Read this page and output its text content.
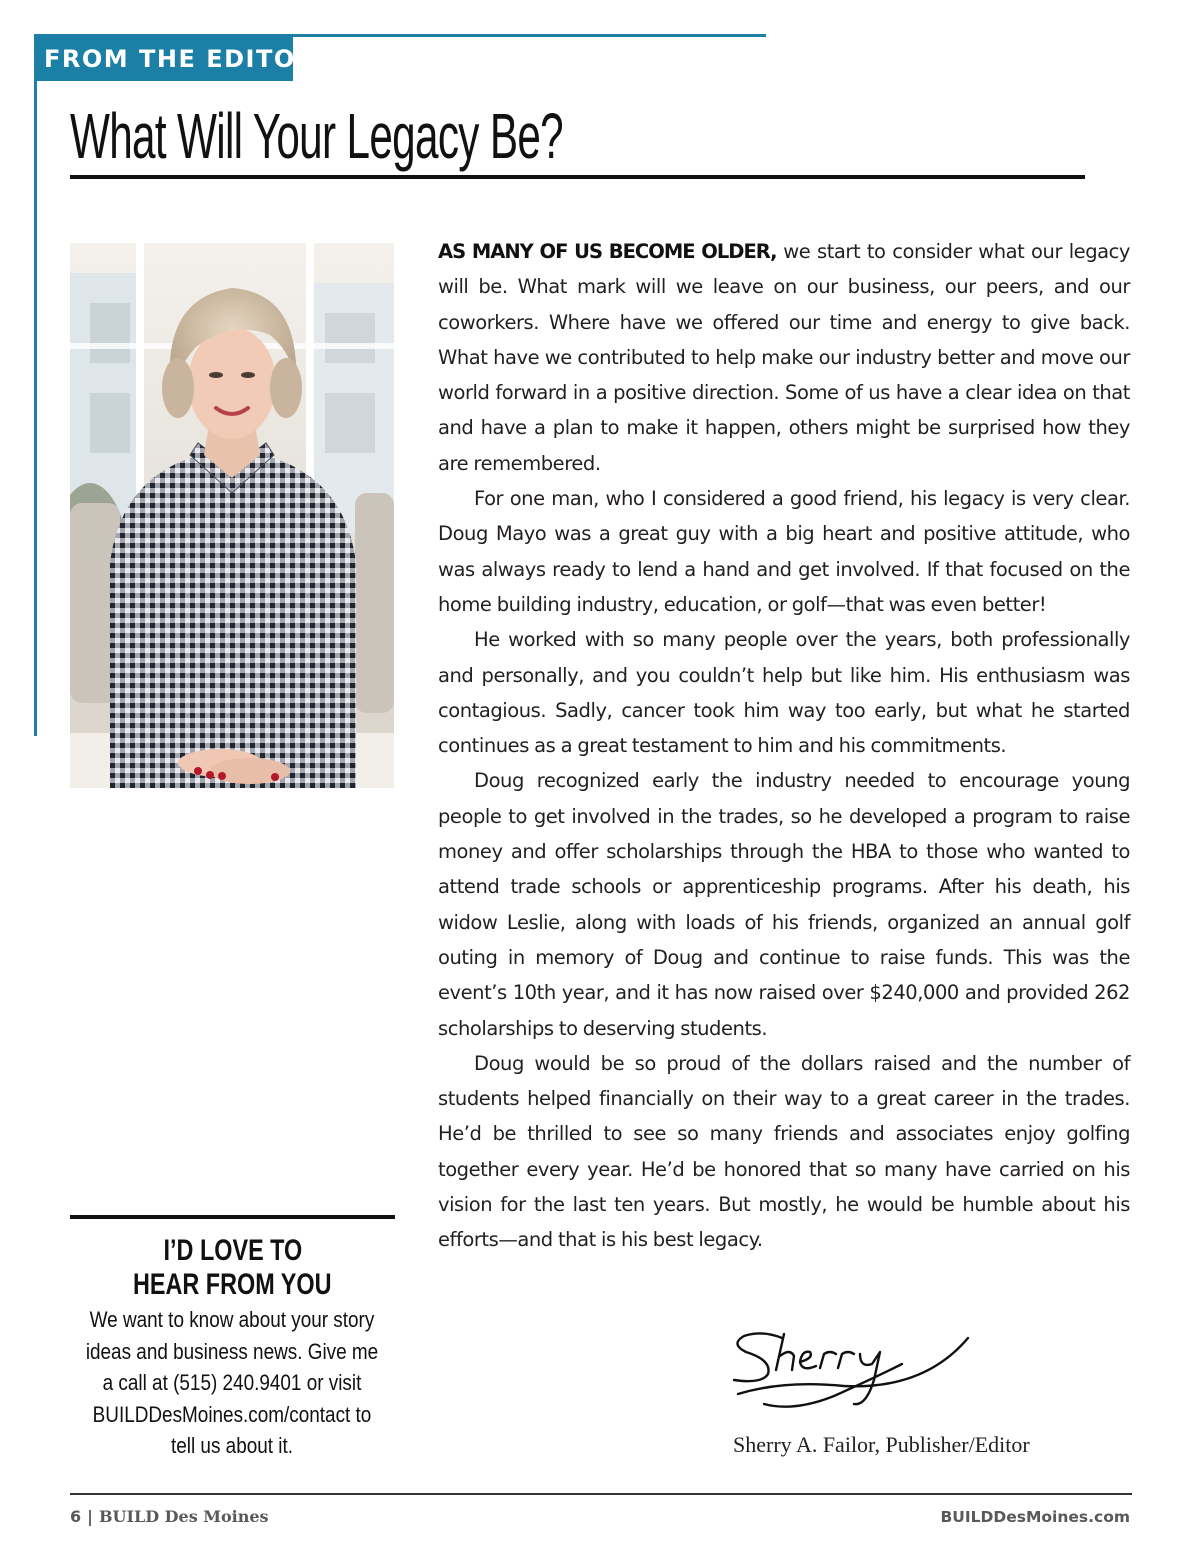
FROM THE EDITOR
What Will Your Legacy Be?
I’D LOVE TO
HEAR FROM YOU

We want to know about your story
ideas and business news. Give me
a call at (515) 240.9401 or visit
BUILDDesMoines.com/contact to
tell us about it.

AS MANY OF US BECOME OLDER, we start to consider what our legacy will be. What mark will we leave on our business, our peers, and our coworkers. Where have we offered our time and energy to give back. What have we contributed to help make our industry better and move our world forward in a positive direction. Some of us have a clear idea on that and have a plan to make it happen, others might be surprised how they are remembered.

For one man, who I considered a good friend, his legacy is very clear. Doug Mayo was a great guy with a big heart and positive attitude, who was always ready to lend a hand and get involved. If that focused on the home building industry, education, or golf—that was even better!

He worked with so many people over the years, both professionally and personally, and you couldn’t help but like him. His enthusiasm was contagious. Sadly, cancer took him way too early, but what he started continues as a great testament to him and his commitments.

Doug recognized early the industry needed to encourage young people to get involved in the trades, so he developed a program to raise money and offer scholarships through the HBA to those who wanted to attend trade schools or apprenticeship programs. After his death, his widow Leslie, along with loads of his friends, organized an annual golf outing in memory of Doug and continue to raise funds. This was the event’s 10th year, and it has now raised over $240,000 and provided 262 scholarships to deserving students.

Doug would be so proud of the dollars raised and the number of students helped financially on their way to a great career in the trades. He’d be thrilled to see so many friends and associates enjoy golfing together every year. He’d be honored that so many have carried on his vision for the last ten years. But mostly, he would be humble about his efforts—and that is his best legacy.

Sherry A. Failor, Publisher/Editor
6 | BUILD Des Moines	BUILDDesMoines.com
